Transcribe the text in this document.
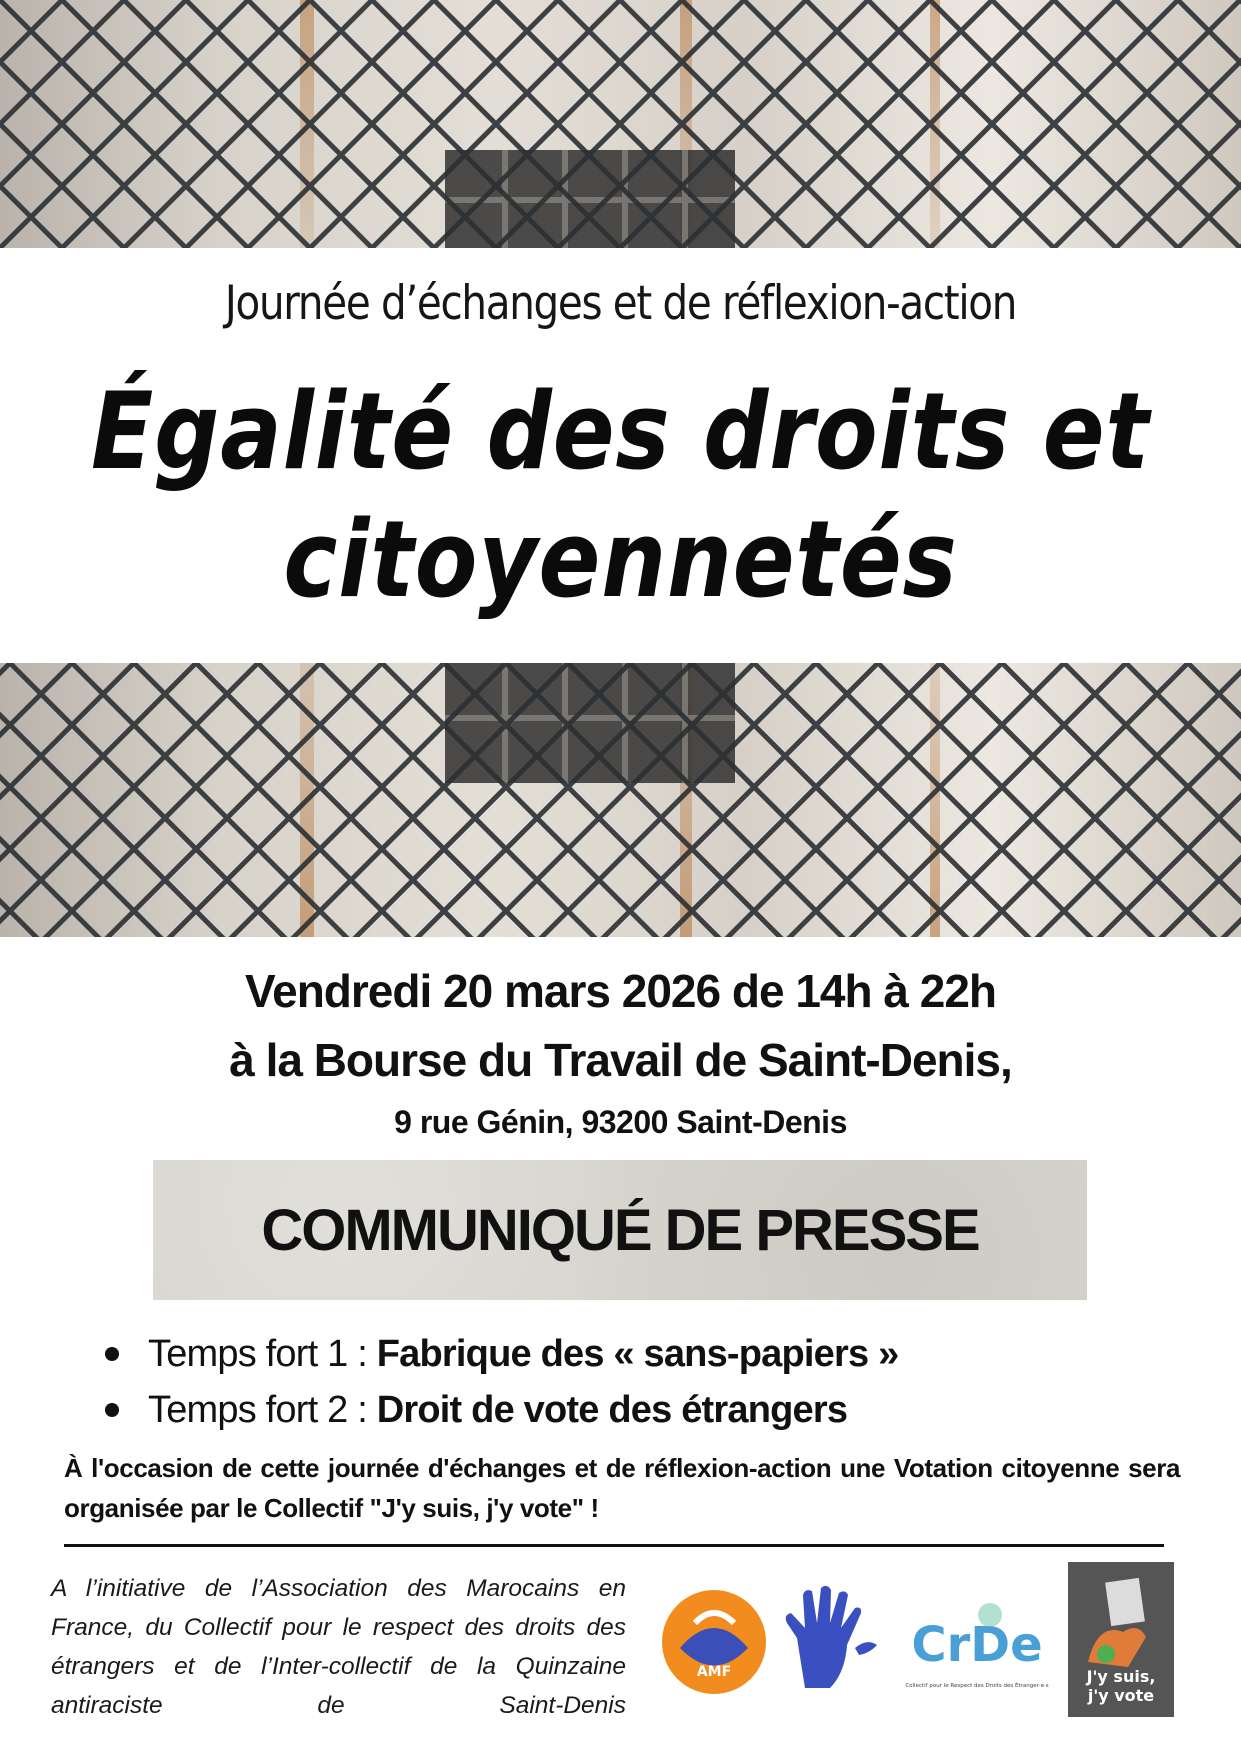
Journée d’échanges et de réflexion-action
Égalité des droits et
citoyennetés
Vendredi 20 mars 2026 de 14h à 22h
à la Bourse du Travail de Saint-Denis,
9 rue Génin, 93200 Saint-Denis
COMMUNIQUÉ DE PRESSE
Temps fort 1 : Fabrique des « sans-papiers »
Temps fort 2 : Droit de vote des étrangers
À l'occasion de cette journée d'échanges et de réflexion-action une Votation citoyenne sera organisée par le Collectif "J'y suis, j'y vote" !
A l’initiative de l’Association des Marocains en France, du Collectif pour le respect des droits des étrangers et de l’Inter-collectif de la Quinzaine antiraciste de Saint-Denis
AMF	CrDe
Collectif pour le Respect des Droits des Étranger·e·s	J'y suis,
j'y vote
